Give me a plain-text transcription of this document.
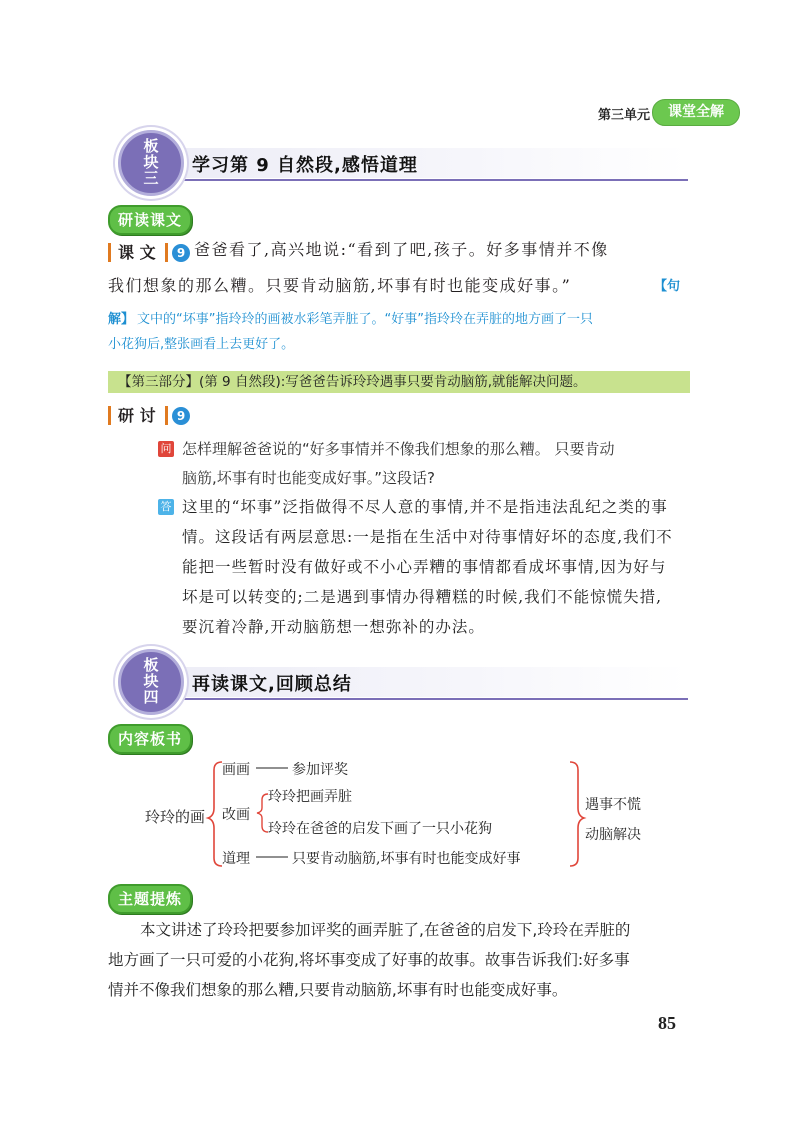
第三单元	课堂全解
板
块
三
学习第 9 自然段,感悟道理
研读课文
课 文	9 爸爸看了,高兴地说:“看到了吧,孩子。好多事情并不像
我们想象的那么糟。只要肯动脑筋,坏事有时也能变成好事。”	【句
解】 文中的“坏事”指玲玲的画被水彩笔弄脏了。“好事”指玲玲在弄脏的地方画了一只
小花狗后,整张画看上去更好了。
【第三部分】(第 9 自然段):写爸爸告诉玲玲遇事只要肯动脑筋,就能解决问题。
研 讨	9
问 怎样理解爸爸说的“好多事情并不像我们想象的那么糟。 只要肯动
脑筋,坏事有时也能变成好事。”这段话?
答 这里的“坏事”泛指做得不尽人意的事情,并不是指违法乱纪之类的事
情。这段话有两层意思:一是指在生活中对待事情好坏的态度,我们不
能把一些暂时没有做好或不小心弄糟的事情都看成坏事情,因为好与
坏是可以转变的;二是遇到事情办得糟糕的时候,我们不能惊慌失措,
要沉着冷静,开动脑筋想一想弥补的办法。
板
块
四
再读课文,回顾总结
内容板书
玲玲的画
画画	参加评奖
改画
玲玲把画弄脏
玲玲在爸爸的启发下画了一只小花狗
道理	只要肯动脑筋,坏事有时也能变成好事
遇事不慌
动脑解决
主题提炼
本文讲述了玲玲把要参加评奖的画弄脏了,在爸爸的启发下,玲玲在弄脏的
地方画了一只可爱的小花狗,将坏事变成了好事的故事。故事告诉我们:好多事
情并不像我们想象的那么糟,只要肯动脑筋,坏事有时也能变成好事。
85
